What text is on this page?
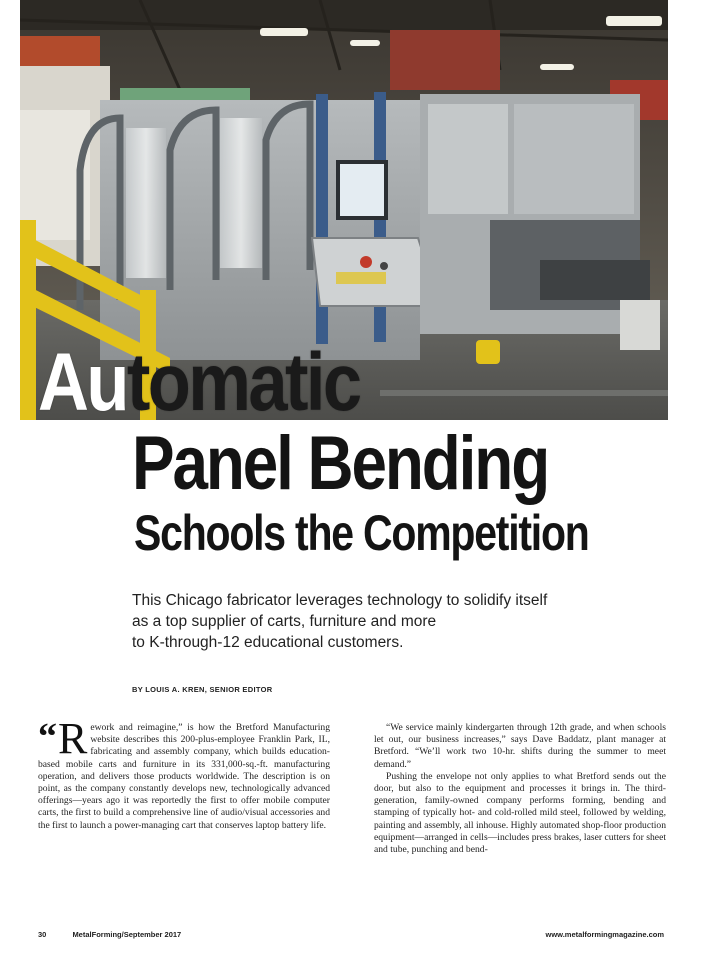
Automatic
Panel Bending
Schools the Competition
This Chicago fabricator leverages technology to solidify itself
as a top supplier of carts, furniture and more
to K-through-12 educational customers.
BY LOUIS A. KREN, SENIOR EDITOR
“ R ework and reimagine,” is how the Bretford Manufacturing website describes this 200-plus-employee Franklin Park, IL, fabricating and assembly company, which builds education-based mobile carts and furniture in its 331,000-sq.-ft. manufacturing operation, and delivers those products worldwide. The description is on point, as the company constantly develops new, technologically advanced offerings—years ago it was reportedly the first to offer mobile computer carts, the first to build a comprehensive line of audio/visual accessories and the first to launch a power-managing cart that conserves laptop battery life.

“We service mainly kindergarten through 12th grade, and when schools let out, our business increases,” says Dave Baddatz, plant manager at Bretford. “We’ll work two 10-hr. shifts during the summer to meet demand.”

Pushing the envelope not only applies to what Bretford sends out the door, but also to the equipment and processes it brings in. The third-generation, family-owned company performs forming, bending and stamping of typically hot- and cold-rolled mild steel, followed by welding, painting and assembly, all inhouse. Highly automated shop-floor production equipment—arranged in cells—includes press brakes, laser cutters for sheet and tube, punching and bend-

30	MetalForming/September 2017	www.metalformingmagazine.com
